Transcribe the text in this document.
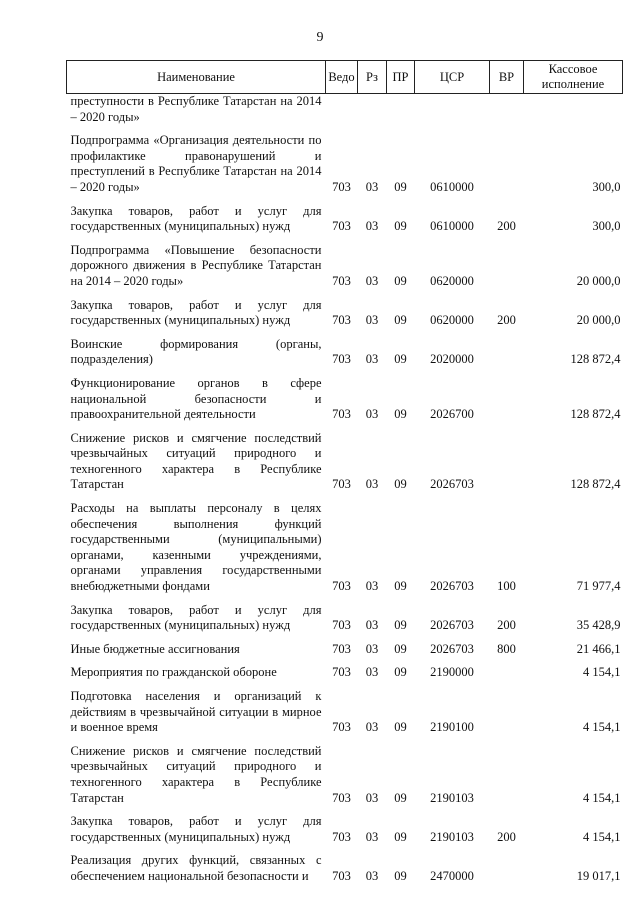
9
Наименование	Ведо	Рз	ПР	ЦСР	ВР	Кассовое исполнение
преступности в Республике Татарстан на 2014 – 2020 годы»						
Подпрограмма «Организация деятельности по профилактике правонарушений и преступлений в Республике Татарстан на 2014 – 2020 годы»	703	03	09	0610000		300,0
Закупка товаров, работ и услуг для государственных (муниципальных) нужд	703	03	09	0610000	200	300,0
Подпрограмма «Повышение безопасности дорожного движения в Республике Татарстан на 2014 – 2020 годы»	703	03	09	0620000		20 000,0
Закупка товаров, работ и услуг для государственных (муниципальных) нужд	703	03	09	0620000	200	20 000,0
Воинские формирования (органы, подразделения)	703	03	09	2020000		128 872,4
Функционирование органов в сфере национальной безопасности и правоохранительной деятельности	703	03	09	2026700		128 872,4
Снижение рисков и смягчение последствий чрезвычайных ситуаций природного и техногенного характера в Республике Татарстан	703	03	09	2026703		128 872,4
Расходы на выплаты персоналу в целях обеспечения выполнения функций государственными (муниципальными) органами, казенными учреждениями, органами управления государственными внебюджетными фондами	703	03	09	2026703	100	71 977,4
Закупка товаров, работ и услуг для государственных (муниципальных) нужд	703	03	09	2026703	200	35 428,9
Иные бюджетные ассигнования	703	03	09	2026703	800	21 466,1
Мероприятия по гражданской обороне	703	03	09	2190000		4 154,1
Подготовка населения и организаций к действиям в чрезвычайной ситуации в мирное и военное время	703	03	09	2190100		4 154,1
Снижение рисков и смягчение последствий чрезвычайных ситуаций природного и техногенного характера в Республике Татарстан	703	03	09	2190103		4 154,1
Закупка товаров, работ и услуг для государственных (муниципальных) нужд	703	03	09	2190103	200	4 154,1
Реализация других функций, связанных с обеспечением национальной безопасности и	703	03	09	2470000		19 017,1
